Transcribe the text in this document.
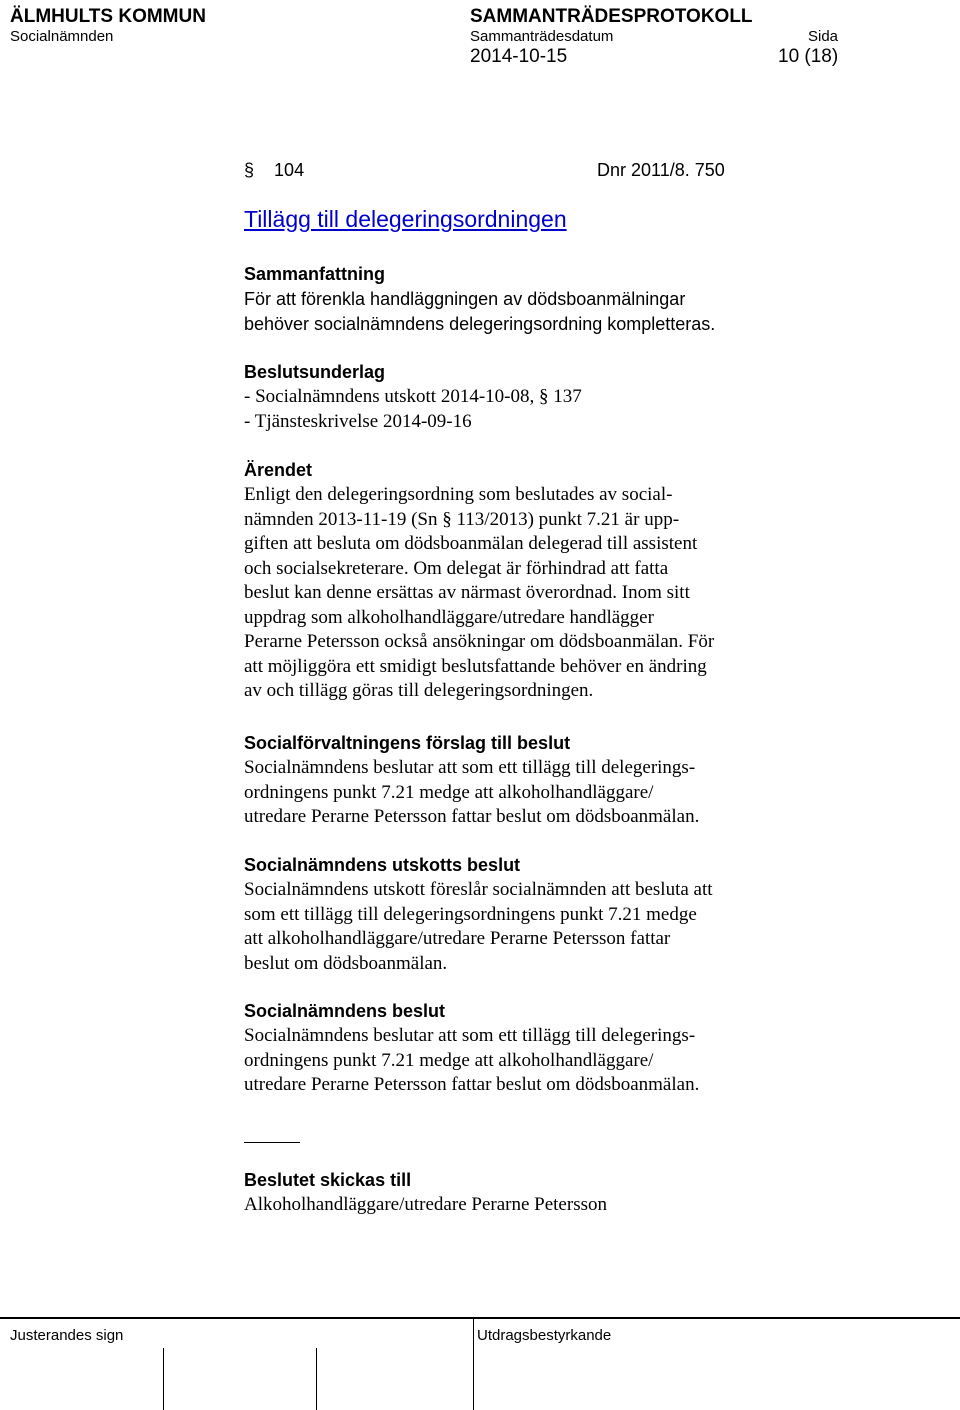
ÄLMHULTS KOMMUN	SAMMANTRÄDESPROTOKOLL
Socialnämnden	Sammanträdesdatum	Sida
2014-10-15	10 (18)
§ 104	Dnr 2011/8. 750
Tillägg till delegeringsordningen

Sammanfattning

För att förenkla handläggningen av dödsboanmälningar
behöver socialnämndens delegeringsordning kompletteras.

Beslutsunderlag

- Socialnämndens utskott 2014-10-08, § 137
- Tjänsteskrivelse 2014-09-16

Ärendet

Enligt den delegeringsordning som beslutades av social-
nämnden 2013-11-19 (Sn § 113/2013) punkt 7.21 är upp-
giften att besluta om dödsboanmälan delegerad till assistent
och socialsekreterare. Om delegat är förhindrad att fatta
beslut kan denne ersättas av närmast överordnad. Inom sitt
uppdrag som alkoholhandläggare/utredare handlägger
Perarne Petersson också ansökningar om dödsboanmälan. För
att möjliggöra ett smidigt beslutsfattande behöver en ändring
av och tillägg göras till delegeringsordningen.

Socialförvaltningens förslag till beslut

Socialnämndens beslutar att som ett tillägg till delegerings-
ordningens punkt 7.21 medge att alkoholhandläggare/
utredare Perarne Petersson fattar beslut om dödsboanmälan.

Socialnämndens utskotts beslut

Socialnämndens utskott föreslår socialnämnden att besluta att
som ett tillägg till delegeringsordningens punkt 7.21 medge
att alkoholhandläggare/utredare Perarne Petersson fattar
beslut om dödsboanmälan.

Socialnämndens beslut

Socialnämndens beslutar att som ett tillägg till delegerings-
ordningens punkt 7.21 medge att alkoholhandläggare/
utredare Perarne Petersson fattar beslut om dödsboanmälan.

Beslutet skickas till

Alkoholhandläggare/utredare Perarne Petersson

Justerandes sign	Utdragsbestyrkande
